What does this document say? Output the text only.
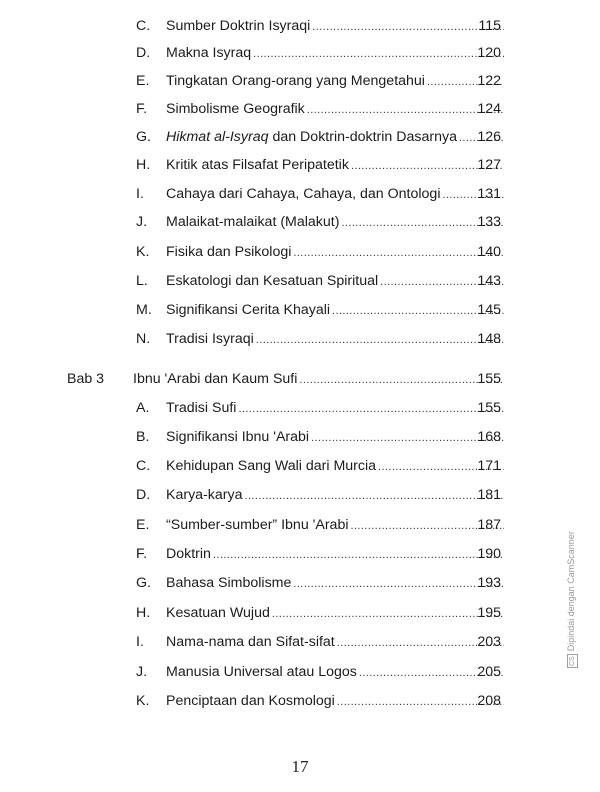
C. Sumber Doktrin Isyraqi .....	115
D. Makna Isyraq .....	120
E. Tingkatan Orang-orang yang Mengetahui .....	122
F. Simbolisme Geografik .....	124
G. Hikmat al-Isyraq dan Doktrin-doktrin Dasarnya .....	126
H. Kritik atas Filsafat Peripatetik .....	127
I. Cahaya dari Cahaya, Cahaya, dan Ontologi .....	131
J. Malaikat-malaikat (Malakut) .....	133
K. Fisika dan Psikologi .....	140
L. Eskatologi dan Kesatuan Spiritual .....	143
M. Signifikansi Cerita Khayali .....	145
N. Tradisi Isyraqi .....	148
Bab 3 Ibnu 'Arabi dan Kaum Sufi .....	155
A. Tradisi Sufi .....	155
B. Signifikansi Ibnu 'Arabi .....	168
C. Kehidupan Sang Wali dari Murcia .....	171
D. Karya-karya .....	181
E. “Sumber-sumber” Ibnu 'Arabi .....	187
F. Doktrin .....	190
G. Bahasa Simbolisme .....	193
H. Kesatuan Wujud .....	195
I. Nama-nama dan Sifat-sifat .....	203
J. Manusia Universal atau Logos .....	205
K. Penciptaan dan Kosmologi .....	208
17
CSDipindai dengan CamScanner
